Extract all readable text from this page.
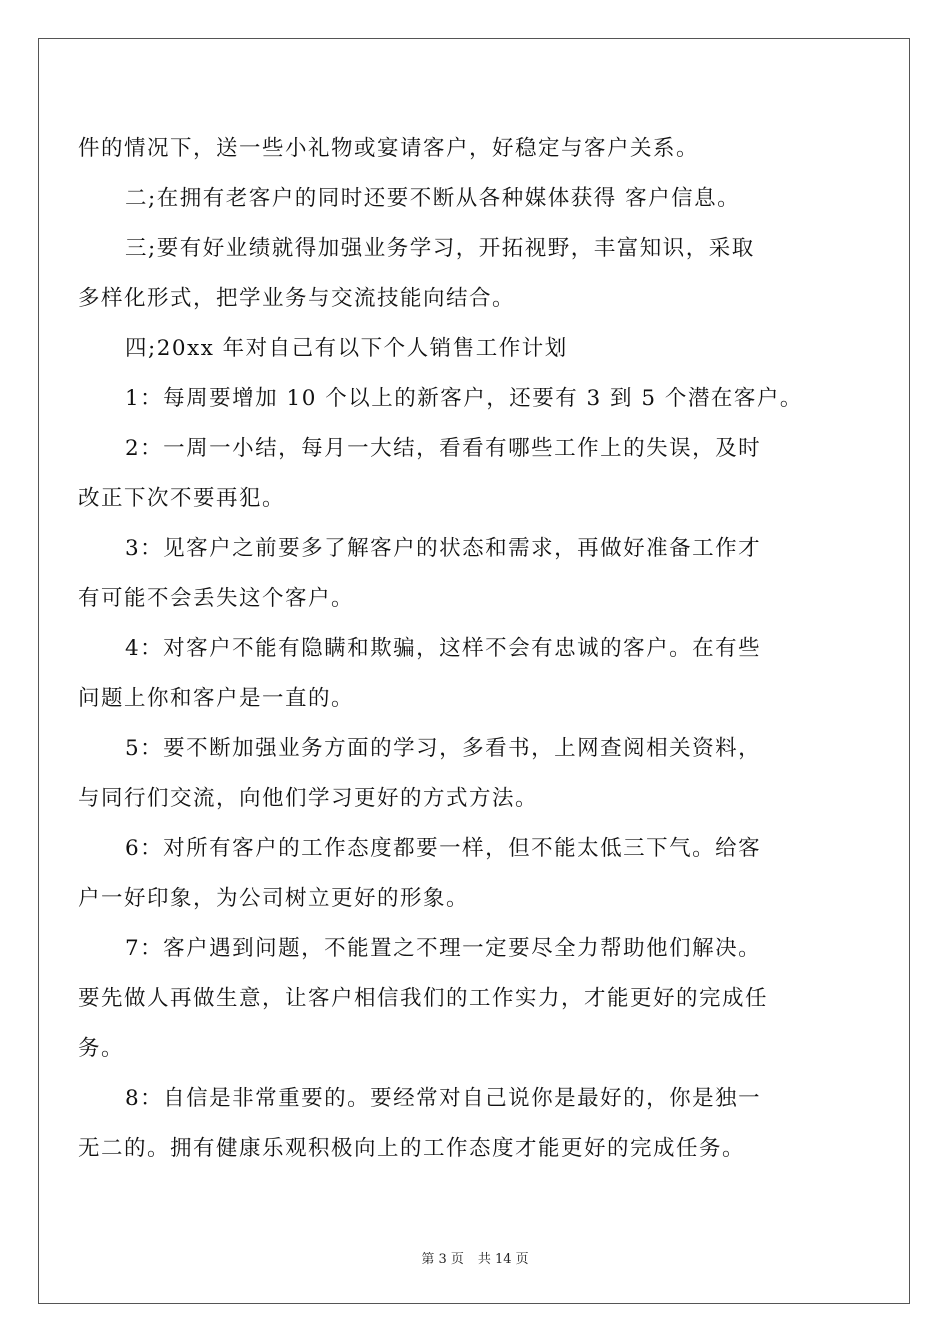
件的情况下，送一些小礼物或宴请客户，好稳定与客户关系。
二;在拥有老客户的同时还要不断从各种媒体获得 客户信息。
三;要有好业绩就得加强业务学习，开拓视野，丰富知识，采取
多样化形式，把学业务与交流技能向结合。
四;20xx 年对自己有以下个人销售工作计划
1：每周要增加 10 个以上的新客户，还要有 3 到 5 个潜在客户。
2：一周一小结，每月一大结，看看有哪些工作上的失误，及时
改正下次不要再犯。
3：见客户之前要多了解客户的状态和需求，再做好准备工作才
有可能不会丢失这个客户。
4：对客户不能有隐瞒和欺骗，这样不会有忠诚的客户。在有些
问题上你和客户是一直的。
5：要不断加强业务方面的学习，多看书，上网查阅相关资料，
与同行们交流，向他们学习更好的方式方法。
6：对所有客户的工作态度都要一样，但不能太低三下气。给客
户一好印象，为公司树立更好的形象。
7：客户遇到问题，不能置之不理一定要尽全力帮助他们解决。
要先做人再做生意，让客户相信我们的工作实力，才能更好的完成任
务。
8：自信是非常重要的。要经常对自己说你是最好的，你是独一
无二的。拥有健康乐观积极向上的工作态度才能更好的完成任务。
第 3 页 共 14 页
